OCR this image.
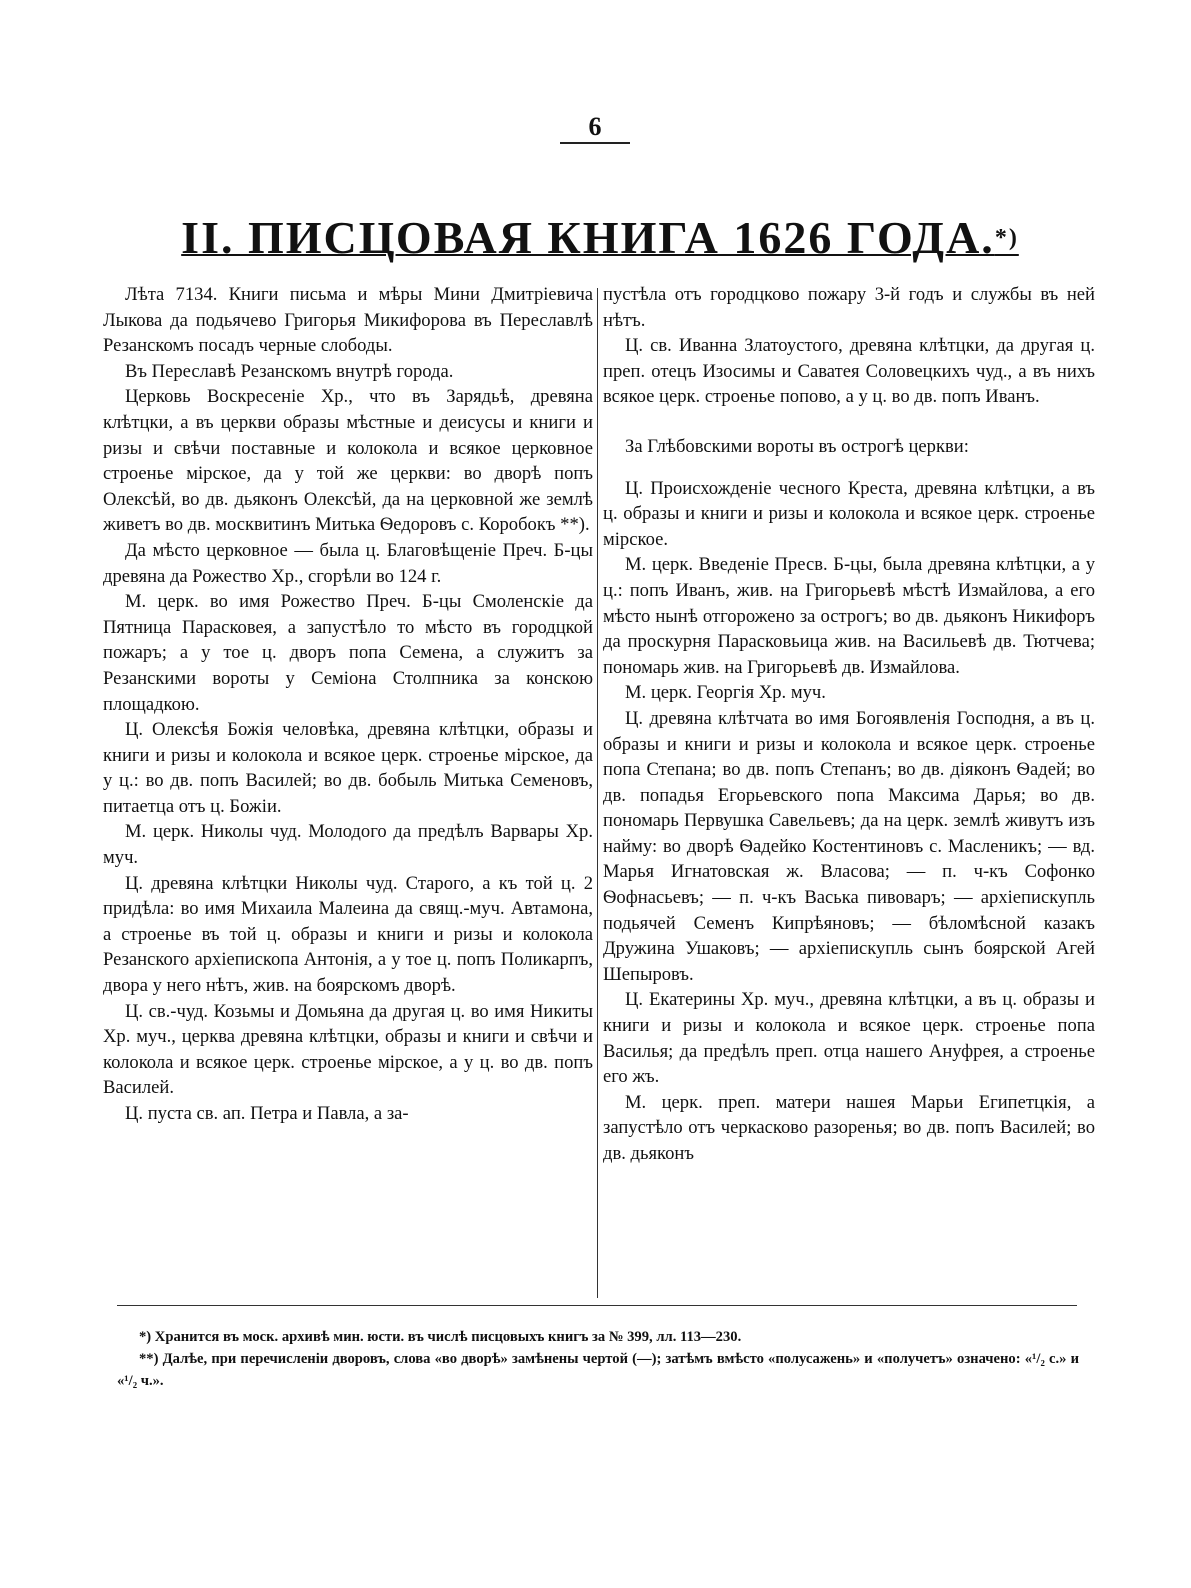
6
II. ПИСЦОВАЯ КНИГА 1626 ГОДА.*)

Лѣта 7134. Книги письма и мѣры Мини Дмитріевича Лыкова да подьячево Григорья Микифорова въ Переславлѣ Резанскомъ посадъ черные слободы.

Въ Переславѣ Резанскомъ внутрѣ города.

Церковь Воскресеніе Хр., что въ Зарядьѣ, древяна клѣтцки, а въ церкви образы мѣстные и деисусы и книги и ризы и свѣчи поставные и колокола и всякое церковное строенье мірское, да у той же церкви: во дворѣ попъ Олексѣй, во дв. дьяконъ Олексѣй, да на церковной же землѣ живетъ во дв. москвитинъ Митька Ѳедоровъ с. Коробокъ **).

Да мѣсто церковное — была ц. Благовѣщеніе Преч. Б-цы древяна да Рожество Хр., сгорѣли во 124 г.

М. церк. во имя Рожество Преч. Б-цы Смоленскіе да Пятница Парасковея, а запустѣло то мѣсто въ городцкой пожаръ; а у тое ц. дворъ попа Семена, а служитъ за Резанскими вороты у Семіона Столпника за конскою площадкою.

Ц. Олексѣя Божія человѣка, древяна клѣтцки, образы и книги и ризы и колокола и всякое церк. строенье мірское, да у ц.: во дв. попъ Василей; во дв. бобыль Митька Семеновъ, питаетца отъ ц. Божіи.

М. церк. Николы чуд. Молодого да предѣлъ Варвары Хр. муч.

Ц. древяна клѣтцки Николы чуд. Старого, а къ той ц. 2 придѣла: во имя Михаила Малеина да свящ.-муч. Автамона, а строенье въ той ц. образы и книги и ризы и колокола Резанского архіепископа Антонія, а у тое ц. попъ Поликарпъ, двора у него нѣтъ, жив. на боярскомъ дворѣ.

Ц. св.-чуд. Козьмы и Домьяна да другая ц. во имя Никиты Хр. муч., церква древяна клѣтцки, образы и книги и свѣчи и колокола и всякое церк. строенье мірское, а у ц. во дв. попъ Василей.

Ц. пуста св. ап. Петра и Павла, а за-

пустѣла отъ городцково пожару 3-й годъ и службы въ ней нѣтъ.

Ц. св. Иванна Златоустого, древяна клѣтцки, да другая ц. преп. отецъ Изосимы и Саватея Соловецкихъ чуд., а въ нихъ всякое церк. строенье попово, а у ц. во дв. попъ Иванъ.

За Глѣбовскими вороты въ острогѣ церкви:

Ц. Происхожденіе чесного Креста, древяна клѣтцки, а въ ц. образы и книги и ризы и колокола и всякое церк. строенье мірское.

М. церк. Введеніе Пресв. Б-цы, была древяна клѣтцки, а у ц.: попъ Иванъ, жив. на Григорьевѣ мѣстѣ Измайлова, а его мѣсто нынѣ отгорожено за острогъ; во дв. дьяконъ Никифоръ да проскурня Парасковьица жив. на Васильевѣ дв. Тютчева; пономарь жив. на Григорьевѣ дв. Измайлова.

М. церк. Георгія Хр. муч.

Ц. древяна клѣтчата во имя Богоявленія Господня, а въ ц. образы и книги и ризы и колокола и всякое церк. строенье попа Степана; во дв. попъ Степанъ; во дв. діяконъ Ѳадей; во дв. попадья Егорьевского попа Максима Дарья; во дв. пономарь Первушка Савельевъ; да на церк. землѣ живутъ изъ найму: во дворѣ Ѳадейко Костентиновъ с. Масленикъ; — вд. Марья Игнатовская ж. Власова; — п. ч-къ Софонко Ѳофнасьевъ; — п. ч-къ Васька пивоваръ; — архіепискупль подьячей Семенъ Кипрѣяновъ; — бѣломѣсной казакъ Дружина Ушаковъ; — архіепискупль сынъ боярской Агей Шепыровъ.

Ц. Екатерины Хр. муч., древяна клѣтцки, а въ ц. образы и книги и ризы и колокола и всякое церк. строенье попа Василья; да предѣлъ преп. отца нашего Ануфрея, а строенье его жъ.

М. церк. преп. матери нашея Марьи Египетцкія, а запустѣло отъ черкасково разоренья; во дв. попъ Василей; во дв. дьяконъ

*) Хранится въ моск. архивѣ мин. юсти. въ числѣ писцовыхъ книгъ за № 399, лл. 113—230.

**) Далѣе, при перечисленіи дворовъ, слова «во дворѣ» замѣнены чертой (—); затѣмъ вмѣсто «полусажень» и «получетъ» означено: «¹/₂ с.» и «¹/₂ ч.».
